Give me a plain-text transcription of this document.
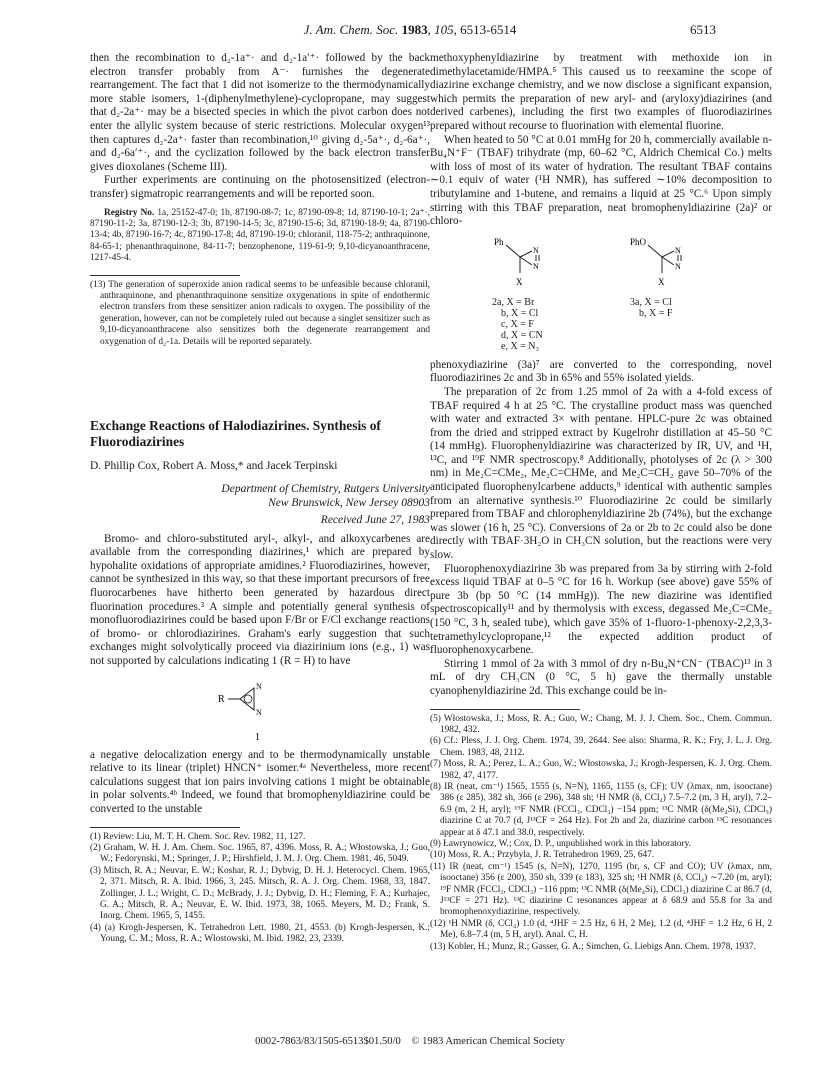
J. Am. Chem. Soc. 1983, 105, 6513-6514	6513

then the recombination to d₂-1a⁺· and d₂-1a′⁺· followed by the back electron transfer probably from A⁻· furnishes the degenerate rearrangement. The fact that 1 did not isomerize to the thermodynamically more stable isomers, 1-(diphenylmethylene)-cyclopropane, may suggest that d₂-2a⁺· may be a bisected species in which the pivot carbon does not enter the allylic system because of steric restrictions. Molecular oxygen¹³ then captures d₂-2a⁺· faster than recombination,¹⁰ giving d₂-5a⁺·, d₂-6a⁺·, and d₂-6a′⁺·, and the cyclization followed by the back electron transfer gives dioxolanes (Scheme III).

Further experiments are continuing on the photosensitized (electron-transfer) sigmatropic rearrangements and will be reported soon.

Registry No. 1a, 25152-47-0; 1b, 87190-08-7; 1c, 87190-09-8; 1d, 87190-10-1; 2a⁺·, 87190-11-2; 3a, 87190-12-3; 3b, 87190-14-5; 3c, 87190-15-6; 3d, 87190-18-9; 4a, 87190-13-4; 4b, 87190-16-7; 4c, 87190-17-8; 4d, 87190-19-0; chloranil, 118-75-2; anthraquinone, 84-65-1; phenanthraquinone, 84-11-7; benzophenone, 119-61-9; 9,10-dicyanoanthracene, 1217-45-4.

(13) The generation of superoxide anion radical seems to be unfeasible because chloranil, anthraquinone, and phenanthraquinone sensitize oxygenations in spite of endothermic electron transfers from these sensitizer anion radicals to oxygen. The possibility of the generation, however, can not be completely ruled out because a singlet sensitizer such as 9,10-dicyanoanthracene also sensitizes both the degenerate rearrangement and oxygenation of d₂-1a. Details will be reported separately.

Exchange Reactions of Halodiazirines. Synthesis of Fluorodiazirines
D. Phillip Cox, Robert A. Moss,* and Jacek Terpinski
Department of Chemistry, Rutgers University
New Brunswick, New Jersey 08903
Received June 27, 1983

Bromo- and chloro-substituted aryl-, alkyl-, and alkoxycarbenes are available from the corresponding diazirines,¹ which are prepared by hypohalite oxidations of appropriate amidines.² Fluorodiazirines, however, cannot be synthesized in this way, so that these important precursors of free fluorocarbenes have hitherto been generated by hazardous direct fluorination procedures.³ A simple and potentially general synthesis of monofluorodiazirines could be based upon F/Br or F/Cl exchange reactions of bromo- or chlorodiazirines. Graham's early suggestion that such exchanges might solvolytically proceed via diazirinium ions (e.g., 1) was not supported by calculations indicating 1 (R = H) to have

R
N
N
1

a negative delocalization energy and to be thermodynamically unstable relative to its linear (triplet) HNCN⁺ isomer.⁴ᵃ Nevertheless, more recent calculations suggest that ion pairs involving cations 1 might be obtainable in polar solvents.⁴ᵇ Indeed, we found that bromophenyldiazirine could be converted to the unstable

(1) Review: Liu, M. T. H. Chem. Soc. Rev. 1982, 11, 127.

(2) Graham, W. H. J. Am. Chem. Soc. 1965, 87, 4396. Moss, R. A.; Włostowska, J.; Guo, W.; Fedorynski, M.; Springer, J. P.; Hirshfield, J. M. J. Org. Chem. 1981, 46, 5049.

(3) Mitsch, R. A.; Neuvar, E. W.; Koshar, R. J.; Dybvig, D. H. J. Heterocycl. Chem. 1965, 2, 371. Mitsch, R. A. Ibid. 1966, 3, 245. Mitsch, R. A. J. Org. Chem. 1968, 33, 1847. Zollinger, J. L.; Wright, C. D.; McBrady, J. J.; Dybvig, D. H.; Fleming, F. A.; Kurhajec, G. A.; Mitsch, R. A.; Neuvar, E. W. Ibid. 1973, 38, 1065. Meyers, M. D.; Frank, S. Inorg. Chem. 1965, 5, 1455.

(4) (a) Krogh-Jespersen, K. Tetrahedron Lett. 1980, 21, 4553. (b) Krogh-Jespersen, K.; Young, C. M.; Moss, R. A.; Wlostowski, M. Ibid. 1982, 23, 2339.

methoxyphenyldiazirine by treatment with methoxide ion in dimethylacetamide/HMPA.⁵ This caused us to reexamine the scope of diazirine exchange chemistry, and we now disclose a significant expansion, which permits the preparation of new aryl- and (aryloxy)diazirines (and derived carbenes), including the first two examples of fluorodiazirines prepared without recourse to fluorination with elemental fluorine.

When heated to 50 °C at 0.01 mmHg for 20 h, commercially available n-Bu₄N⁺F⁻ (TBAF) trihydrate (mp, 60–62 °C, Aldrich Chemical Co.) melts with loss of most of its water of hydration. The resultant TBAF contains ∼0.1 equiv of water (¹H NMR), has suffered ∼10% decomposition to tributylamine and 1-butene, and remains a liquid at 25 °C.⁶ Upon simply stirring with this TBAF preparation, neat bromophenyldiazirine (2a)² or chloro-

Ph
X
N
N
PhO
X
N
N
2a, X = Br
b, X = Cl
c, X = F
d, X = CN
e, X = N₃
3a, X = Cl
b, X = F

phenoxydiazirine (3a)⁷ are converted to the corresponding, novel fluorodiazirines 2c and 3b in 65% and 55% isolated yields.

The preparation of 2c from 1.25 mmol of 2a with a 4-fold excess of TBAF required 4 h at 25 °C. The crystalline product mass was quenched with water and extracted 3× with pentane. HPLC-pure 2c was obtained from the dried and stripped extract by Kugelrohr distillation at 45–50 °C (14 mmHg). Fluorophenyldiazirine was characterized by IR, UV, and ¹H, ¹³C, and ¹⁹F NMR spectroscopy.⁸ Additionally, photolyses of 2c (λ > 300 nm) in Me₂C=CMe₂, Me₂C=CHMe, and Me₂C=CH₂ gave 50–70% of the anticipated fluorophenylcarbene adducts,⁹ identical with authentic samples from an alternative synthesis.¹⁰ Fluorodiazirine 2c could be similarly prepared from TBAF and chlorophenyldiazirine 2b (74%), but the exchange was slower (16 h, 25 °C). Conversions of 2a or 2b to 2c could also be done directly with TBAF·3H₂O in CH₃CN solution, but the reactions were very slow.

Fluorophenoxydiazirine 3b was prepared from 3a by stirring with 2-fold excess liquid TBAF at 0–5 °C for 16 h. Workup (see above) gave 55% of pure 3b (bp 50 °C (14 mmHg)). The new diazirine was identified spectroscopically¹¹ and by thermolysis with excess, degassed Me₂C=CMe₂ (150 °C, 3 h, sealed tube), which gave 35% of 1-fluoro-1-phenoxy-2,2,3,3-tetramethylcyclopropane,¹² the expected addition product of fluorophenoxycarbene.

Stirring 1 mmol of 2a with 3 mmol of dry n-Bu₄N⁺CN⁻ (TBAC)¹³ in 3 mL of dry CH₃CN (0 °C, 5 h) gave the thermally unstable cyanophenyldiazirine 2d. This exchange could be in-

(5) Włostowska, J.; Moss, R. A.; Guo, W.; Chang, M. J. J. Chem. Soc., Chem. Commun. 1982, 432.

(6) Cf.: Pless, J. J. Org. Chem. 1974, 39, 2644. See also: Sharma, R. K.; Fry, J. L. J. Org. Chem. 1983, 48, 2112.

(7) Moss, R. A.; Perez, L. A.; Guo, W.; Włostowska, J.; Krogh-Jespersen, K. J. Org. Chem. 1982, 47, 4177.

(8) IR (neat, cm⁻¹) 1565, 1555 (s, N=N), 1165, 1155 (s, CF); UV (λmax, nm, isooctane) 386 (ε 285), 382 sh, 366 (ε 296), 348 sh; ¹H NMR (δ, CCl₄) 7.5–7.2 (m, 3 H, aryl), 7.2–6.9 (m, 2 H, aryl); ¹⁹F NMR (FCCl₃, CDCl₃) −154 ppm; ¹³C NMR (δ(Me₄Si), CDCl₃) diazirine C at 70.7 (d, J¹³CF = 264 Hz). For 2b and 2a, diazirine carbon ¹³C resonances appear at δ 47.1 and 38.0, respectively.

(9) Ławrynowicz, W.; Cox, D. P., unpublished work in this laboratory.

(10) Moss, R. A.; Przybyla, J. R. Tetrahedron 1969, 25, 647.

(11) IR (neat, cm⁻¹) 1545 (s, N=N), 1270, 1195 (br, s, CF and CO); UV (λmax, nm, isooctane) 356 (ε 200), 350 sh, 339 (ε 183), 325 sh; ¹H NMR (δ, CCl₄) ∼7.20 (m, aryl); ¹⁹F NMR (FCCl₃, CDCl₃) −116 ppm; ¹³C NMR (δ(Me₄Si), CDCl₃) diazirine C at 86.7 (d, J¹³CF = 271 Hz). ¹³C diazirine C resonances appear at δ 68.9 and 55.8 for 3a and bromophenoxydiazirine, respectively.

(12) ¹H NMR (δ, CCl₄) 1.0 (d, ⁴JHF = 2.5 Hz, 6 H, 2 Me), 1.2 (d, ⁴JHF = 1.2 Hz, 6 H, 2 Me), 6.8–7.4 (m, 5 H, aryl). Anal. C, H.

(13) Kobler, H.; Munz, R.; Gasser, G. A.; Simchen, G. Liebigs Ann. Chem. 1978, 1937.

0002-7863/83/1505-6513$01.50/0 © 1983 American Chemical Society
